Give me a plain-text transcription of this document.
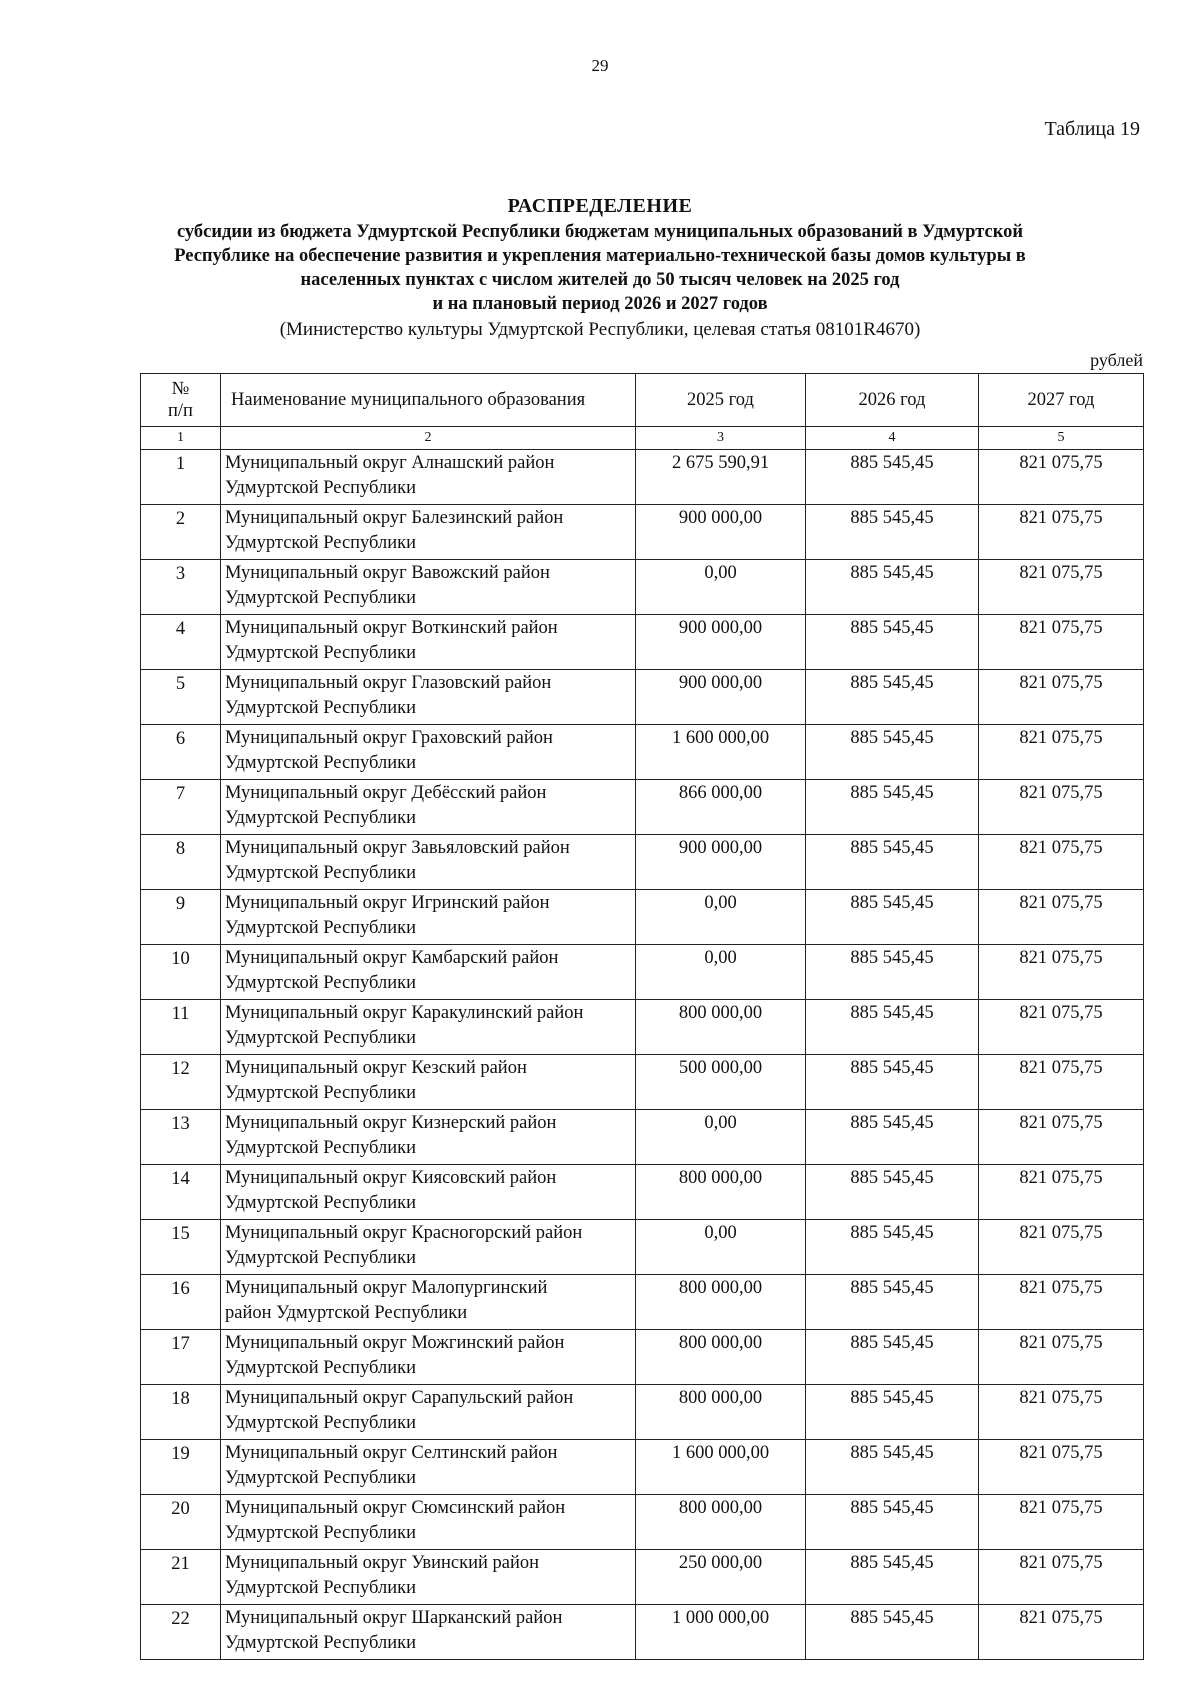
29
Таблица 19
РАСПРЕДЕЛЕНИЕ
субсидии из бюджета Удмуртской Республики бюджетам муниципальных образований в Удмуртской
Республике на обеспечение развития и укрепления материально-технической базы домов культуры в
населенных пунктах с числом жителей до 50 тысяч человек на 2025 год
и на плановый период 2026 и 2027 годов
(Министерство культуры Удмуртской Республики, целевая статья 08101R4670)
рублей
№
п/п	Наименование муниципального образования	2025 год	2026 год	2027 год
1	2	3	4	5
1	Муниципальный округ Алнашский район
Удмуртской Республики	2 675 590,91	885 545,45	821 075,75
2	Муниципальный округ Балезинский район
Удмуртской Республики	900 000,00	885 545,45	821 075,75
3	Муниципальный округ Вавожский район
Удмуртской Республики	0,00	885 545,45	821 075,75
4	Муниципальный округ Воткинский район
Удмуртской Республики	900 000,00	885 545,45	821 075,75
5	Муниципальный округ Глазовский район
Удмуртской Республики	900 000,00	885 545,45	821 075,75
6	Муниципальный округ Граховский район
Удмуртской Республики	1 600 000,00	885 545,45	821 075,75
7	Муниципальный округ Дебёсский район
Удмуртской Республики	866 000,00	885 545,45	821 075,75
8	Муниципальный округ Завьяловский район
Удмуртской Республики	900 000,00	885 545,45	821 075,75
9	Муниципальный округ Игринский район
Удмуртской Республики	0,00	885 545,45	821 075,75
10	Муниципальный округ Камбарский район
Удмуртской Республики	0,00	885 545,45	821 075,75
11	Муниципальный округ Каракулинский район
Удмуртской Республики	800 000,00	885 545,45	821 075,75
12	Муниципальный округ Кезский район
Удмуртской Республики	500 000,00	885 545,45	821 075,75
13	Муниципальный округ Кизнерский район
Удмуртской Республики	0,00	885 545,45	821 075,75
14	Муниципальный округ Киясовский район
Удмуртской Республики	800 000,00	885 545,45	821 075,75
15	Муниципальный округ Красногорский район
Удмуртской Республики	0,00	885 545,45	821 075,75
16	Муниципальный округ Малопургинский
район Удмуртской Республики	800 000,00	885 545,45	821 075,75
17	Муниципальный округ Можгинский район
Удмуртской Республики	800 000,00	885 545,45	821 075,75
18	Муниципальный округ Сарапульский район
Удмуртской Республики	800 000,00	885 545,45	821 075,75
19	Муниципальный округ Селтинский район
Удмуртской Республики	1 600 000,00	885 545,45	821 075,75
20	Муниципальный округ Сюмсинский район
Удмуртской Республики	800 000,00	885 545,45	821 075,75
21	Муниципальный округ Увинский район
Удмуртской Республики	250 000,00	885 545,45	821 075,75
22	Муниципальный округ Шарканский район
Удмуртской Республики	1 000 000,00	885 545,45	821 075,75
